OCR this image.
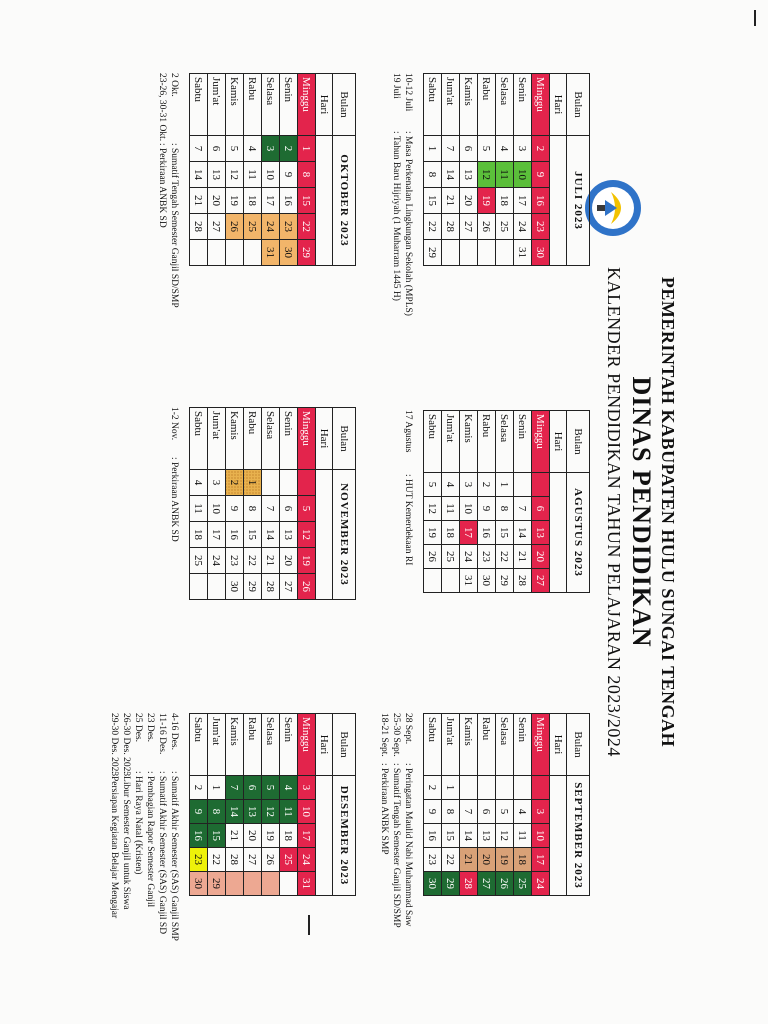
PEMERINTAH KABUPATEN HULU SUNGAI TENGAH
DINAS PENDIDIKAN
KALENDER PENDIDIKAN TAHUN PELAJARAN 2023/2024
Bulan	JULI 2023				
Hari					
Minggu	2	9	16	23	30
Senin	3	10	17	24	31
Selasa	4	11	18	25	
Rabu	5	12	19	26	
Kamis	6	13	20	27	
Jum'at	7	14	21	28	
Sabtu	1	8	15	22	29
Bulan	AGUSTUS 2023				
Hari					
Minggu		6	13	20	27
Senin		7	14	21	28
Selasa	1	8	15	22	29
Rabu	2	9	16	23	30
Kamis	3	10	17	24	31
Jum'at	4	11	18	25	
Sabtu	5	12	19	26	
Bulan	SEPTEMBER 2023				
Hari					
Minggu		3	10	17	24
Senin		4	11	18	25
Selasa		5	12	19	26
Rabu		6	13	20	27
Kamis		7	14	21	28
Jum'at	1	8	15	22	29
Sabtu	2	9	16	23	30
Bulan	OKTOBER 2023				
Hari					
Minggu	1	8	15	22	29
Senin	2	9	16	23	30
Selasa	3	10	17	24	31
Rabu	4	11	18	25	
Kamis	5	12	19	26	
Jum'at	6	13	20	27	
Sabtu	7	14	21	28	
Bulan	NOVEMBER 2023				
Hari					
Minggu		5	12	19	26
Senin		6	13	20	27
Selasa		7	14	21	28
Rabu	1	8	15	22	29
Kamis	2	9	16	23	30
Jum'at	3	10	17	24	
Sabtu	4	11	18	25	
Bulan	DESEMBER 2023				
Hari					
Minggu	3	10	17	24	31
Senin	4	11	18	25	
Selasa	5	12	19	26	
Rabu	6	13	20	27	
Kamis	7	14	21	28	
Jum'at	1	8	15	22	29
Sabtu	2	9	16	23	30
10-12 Juli: Masa Perkenalan Lingkungan Sekolah (MPLS)
19 Juli: Tahun Baru Hijriyah (1 Muharram 1445 H)
17 Agustus: HUT Kemerdekaan RI
28 Sept.: Peringatan Maulid Nabi Muhammad Saw
25-30 Sept.: Sumatif Tengah Semester Ganjil SD/SMP
18-21 Sept.: Perkiraan ANBK SMP
2 Okt.: Sumatif Tengah Semester Ganjil SD/SMP
23-26, 30-31 Okt.: Perkiraan ANBK SD
1-2 Nov.: Perkiraan ANBK SD
4-16 Des.: Sumatif Akhir Semester (SAS) Ganjil SMP
11-16 Des.: Sumatif Akhir Semester (SAS) Ganjil SD
23 Des.: Pembagian Rapor Semester Ganjil
25 Des.: Hari Raya Natal (Kristen)
26-30 Des. 2023: Libur Semester Ganjil untuk Siswa
29-30 Des. 2023: Persiapan Kegiatan Belajar Mengajar
